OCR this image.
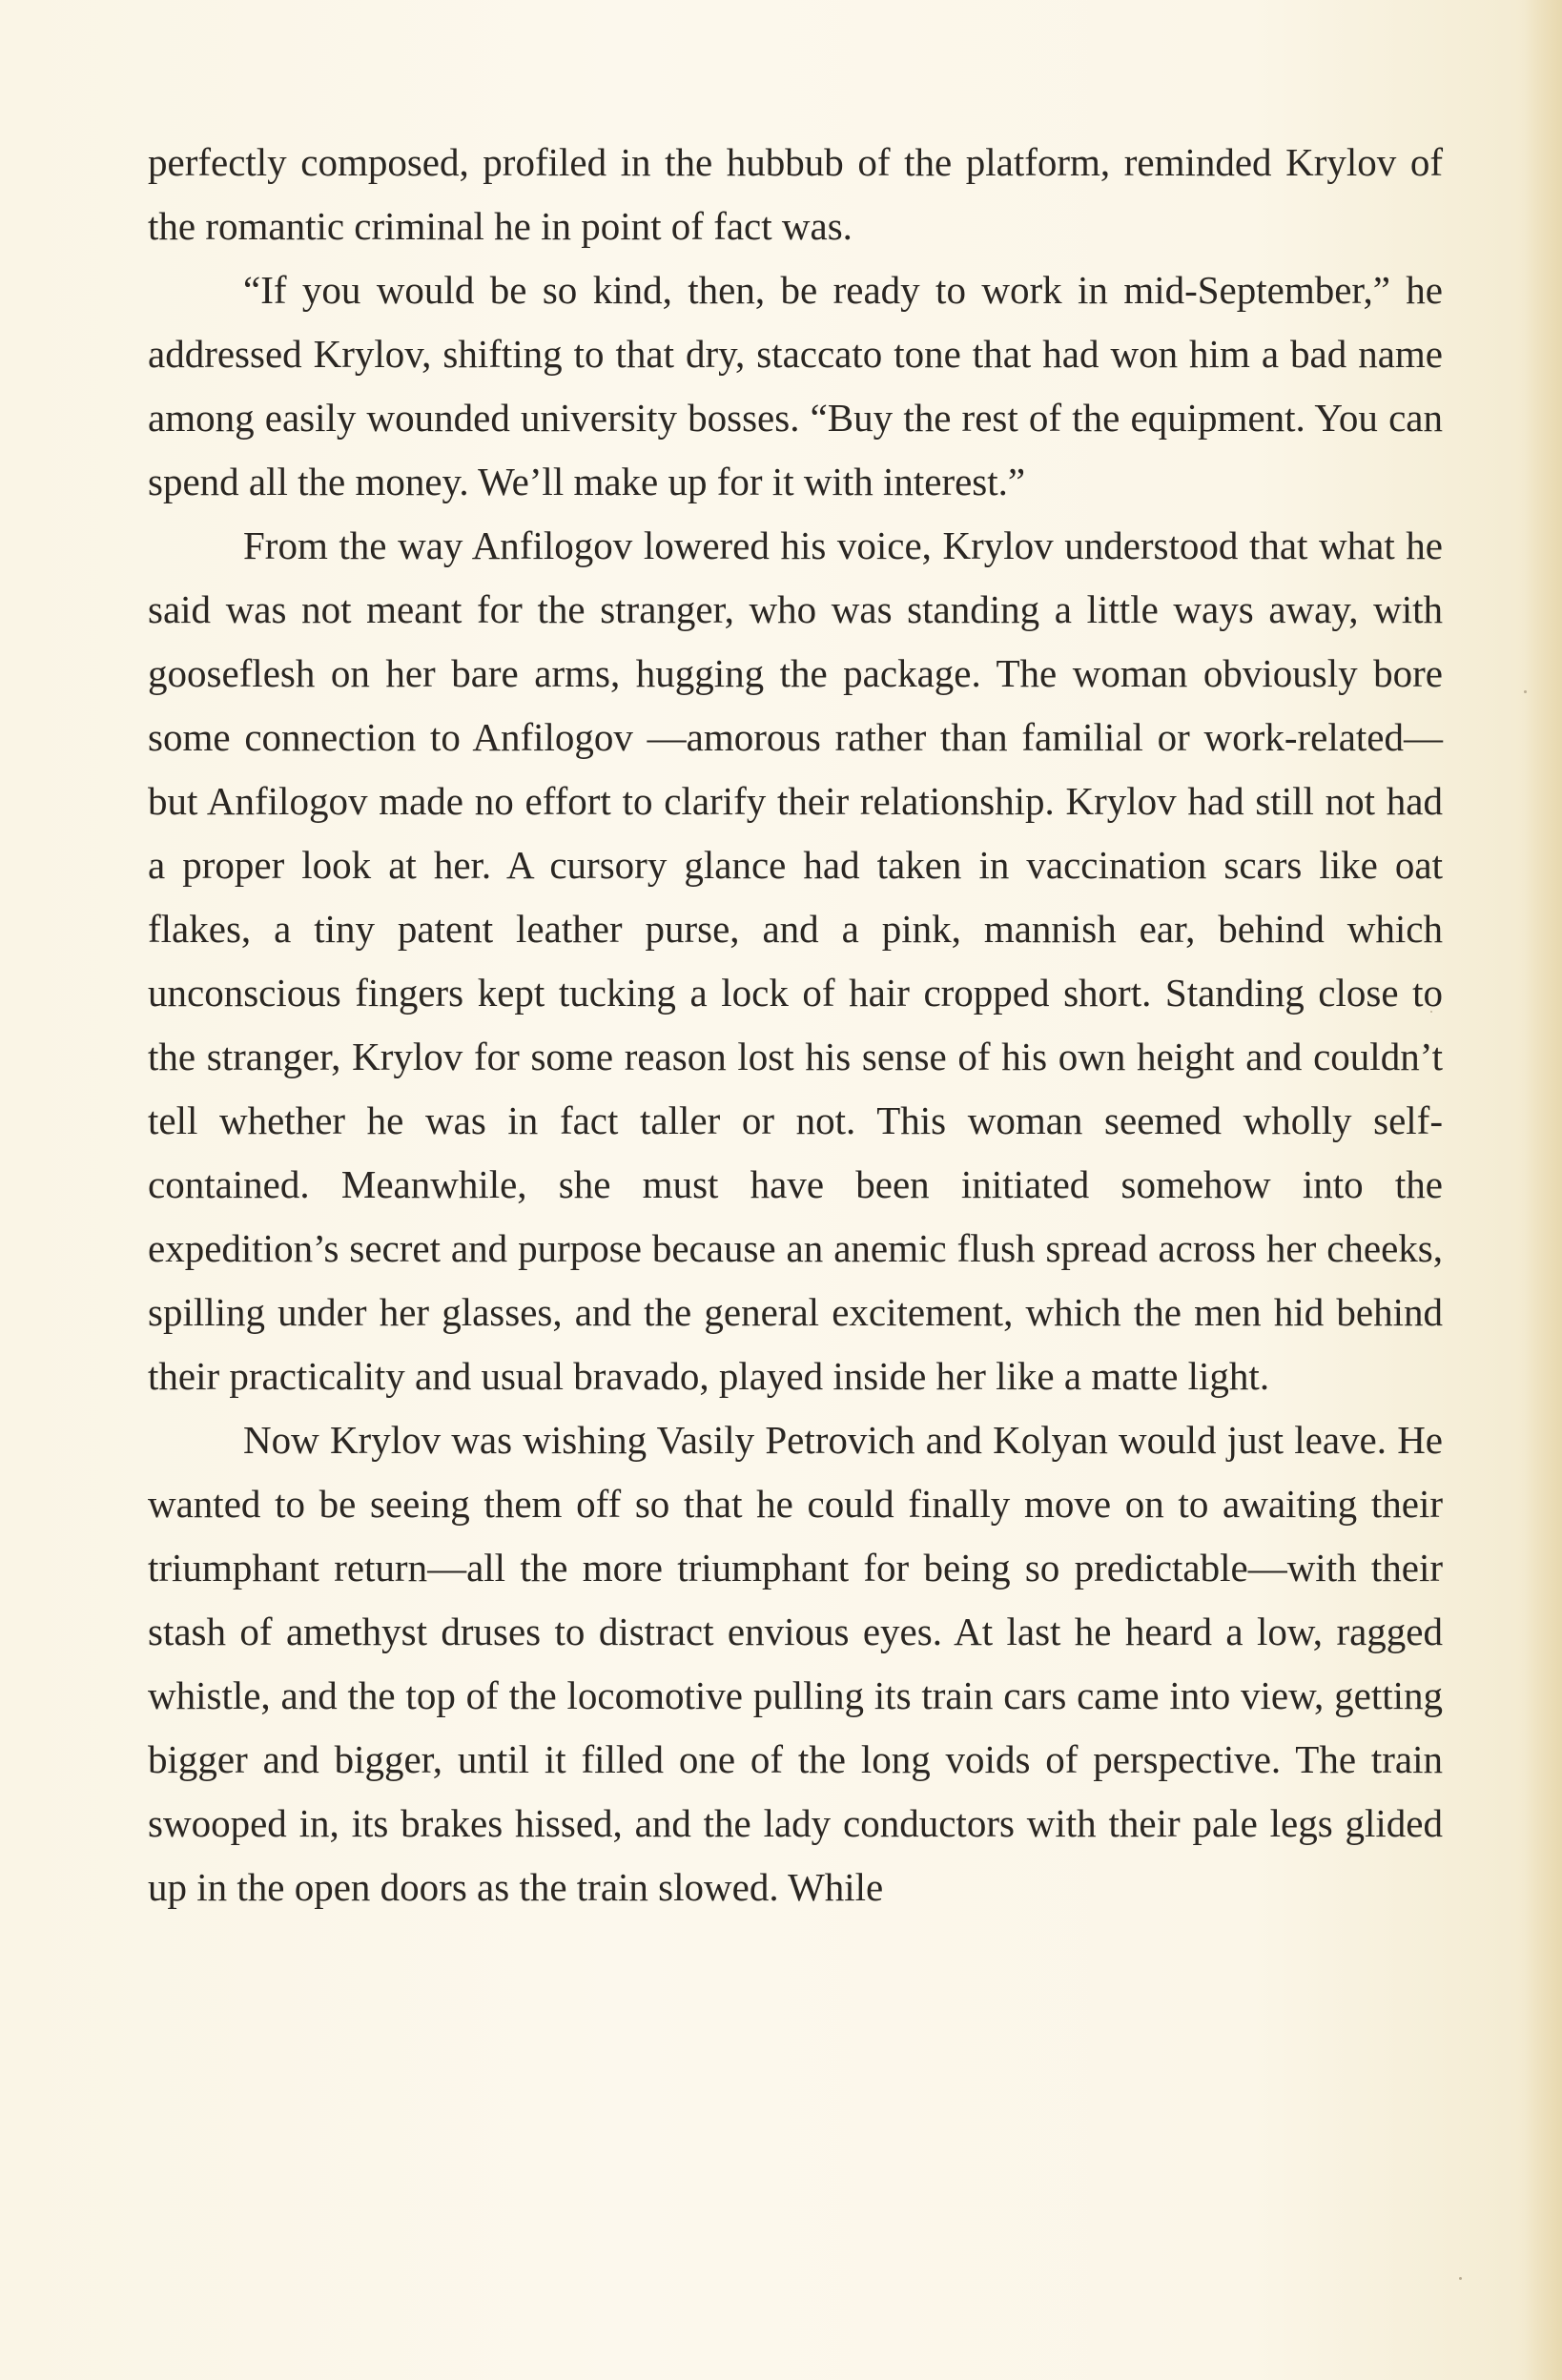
perfectly composed, profiled in the hubbub of the platform, reminded Krylov of the romantic criminal he in point of fact was.

“If you would be so kind, then, be ready to work in mid-September,” he addressed Krylov, shifting to that dry, staccato tone that had won him a bad name among easily wounded university bosses. “Buy the rest of the equipment. You can spend all the money. We’ll make up for it with interest.”

From the way Anfilogov lowered his voice, Krylov understood that what he said was not meant for the stranger, who was standing a little ways away, with gooseflesh on her bare arms, hugging the package. The woman obviously bore some connection to Anfilogov —amorous rather than familial or work-related—but Anfilogov made no effort to clarify their relationship. Krylov had still not had a proper look at her. A cursory glance had taken in vaccination scars like oat flakes, a tiny patent leather purse, and a pink, mannish ear, behind which unconscious fingers kept tucking a lock of hair cropped short. Standing close to the stranger, Krylov for some reason lost his sense of his own height and couldn’t tell whether he was in fact taller or not. This woman seemed wholly self-contained. Meanwhile, she must have been initiated somehow into the expedition’s secret and purpose because an anemic flush spread across her cheeks, spilling under her glasses, and the general excitement, which the men hid behind their practicality and usual bravado, played inside her like a matte light.

Now Krylov was wishing Vasily Petrovich and Kolyan would just leave. He wanted to be seeing them off so that he could finally move on to awaiting their triumphant return—all the more triumphant for being so predictable—with their stash of amethyst druses to distract envious eyes. At last he heard a low, ragged whistle, and the top of the locomotive pulling its train cars came into view, getting bigger and bigger, until it filled one of the long voids of perspective. The train swooped in, its brakes hissed, and the lady conductors with their pale legs glided up in the open doors as the train slowed. While
